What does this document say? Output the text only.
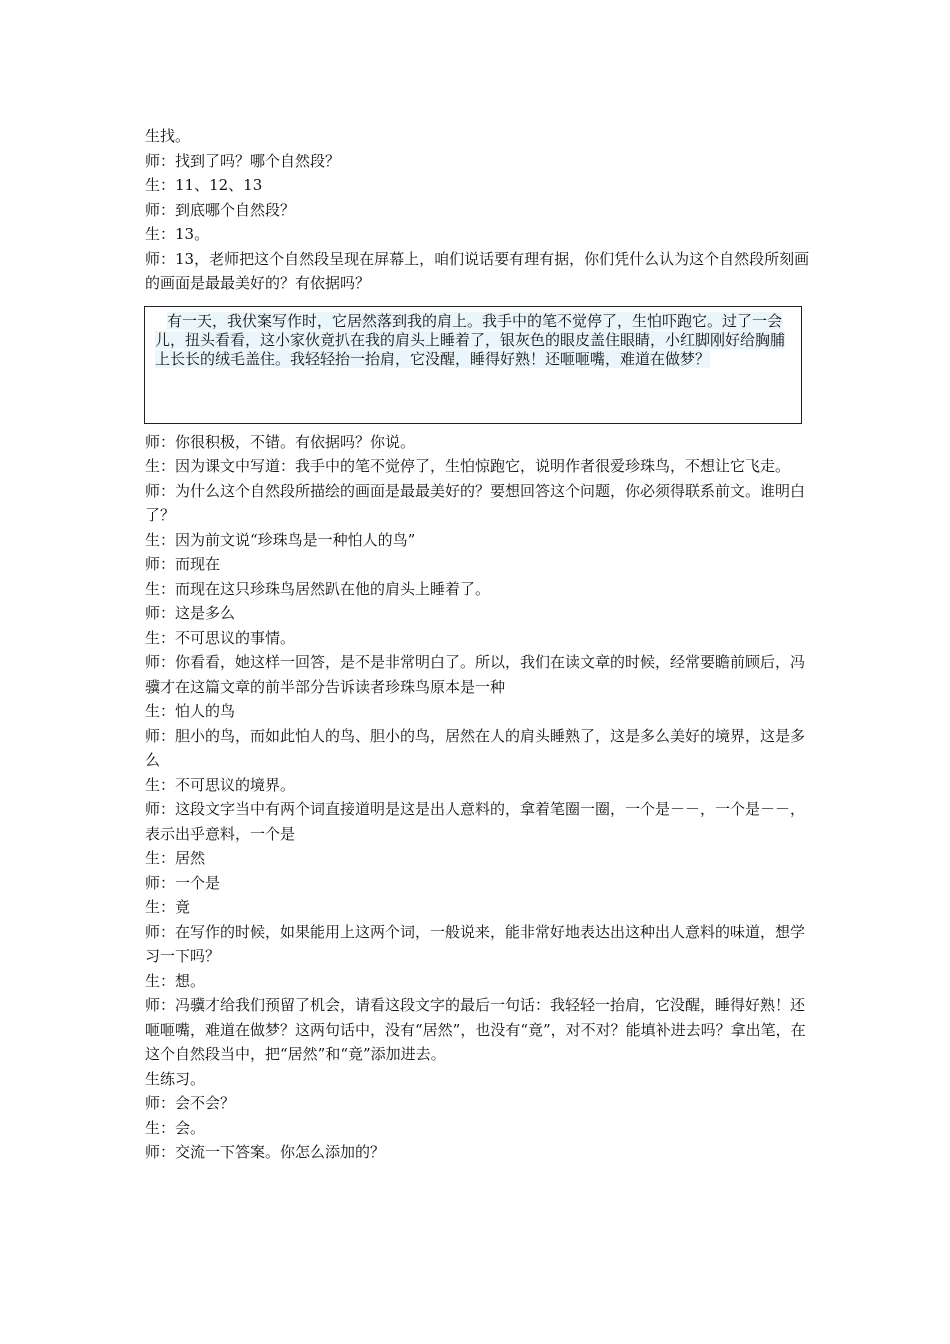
生找。

师：找到了吗？哪个自然段？

生：11、12、13

师：到底哪个自然段？

生：13。

师：13，老师把这个自然段呈现在屏幕上，咱们说话要有理有据，你们凭什么认为这个自然段所刻画的画面是最最美好的？有依据吗？

有一天，我伏案写作时，它居然落到我的肩上。我手中的笔不觉停了，生怕吓跑它。过了一会儿，扭头看看，这小家伙竟扒在我的肩头上睡着了，银灰色的眼皮盖住眼睛，小红脚刚好给胸脯上长长的绒毛盖住。我轻轻抬一抬肩，它没醒，睡得好熟！还咂咂嘴，难道在做梦？

师：你很积极，不错。有依据吗？你说。

生：因为课文中写道：我手中的笔不觉停了，生怕惊跑它，说明作者很爱珍珠鸟，不想让它飞走。

师：为什么这个自然段所描绘的画面是最最美好的？要想回答这个问题，你必须得联系前文。谁明白了？

生：因为前文说“珍珠鸟是一种怕人的鸟”

师：而现在

生：而现在这只珍珠鸟居然趴在他的肩头上睡着了。

师：这是多么

生：不可思议的事情。

师：你看看，她这样一回答，是不是非常明白了。所以，我们在读文章的时候，经常要瞻前顾后，冯骥才在这篇文章的前半部分告诉读者珍珠鸟原本是一种

生：怕人的鸟

师：胆小的鸟，而如此怕人的鸟、胆小的鸟，居然在人的肩头睡熟了，这是多么美好的境界，这是多么

生：不可思议的境界。

师：这段文字当中有两个词直接道明是这是出人意料的，拿着笔圈一圈，一个是－－，一个是－－，表示出乎意料，一个是

生：居然

师：一个是

生：竟

师：在写作的时候，如果能用上这两个词，一般说来，能非常好地表达出这种出人意料的味道，想学习一下吗？

生：想。

师：冯骥才给我们预留了机会，请看这段文字的最后一句话：我轻轻一抬肩，它没醒，睡得好熟！还咂咂嘴，难道在做梦？这两句话中，没有“居然”，也没有“竟”，对不对？能填补进去吗？拿出笔，在这个自然段当中，把“居然”和“竟”添加进去。

生练习。

师：会不会？

生：会。

师：交流一下答案。你怎么添加的？
